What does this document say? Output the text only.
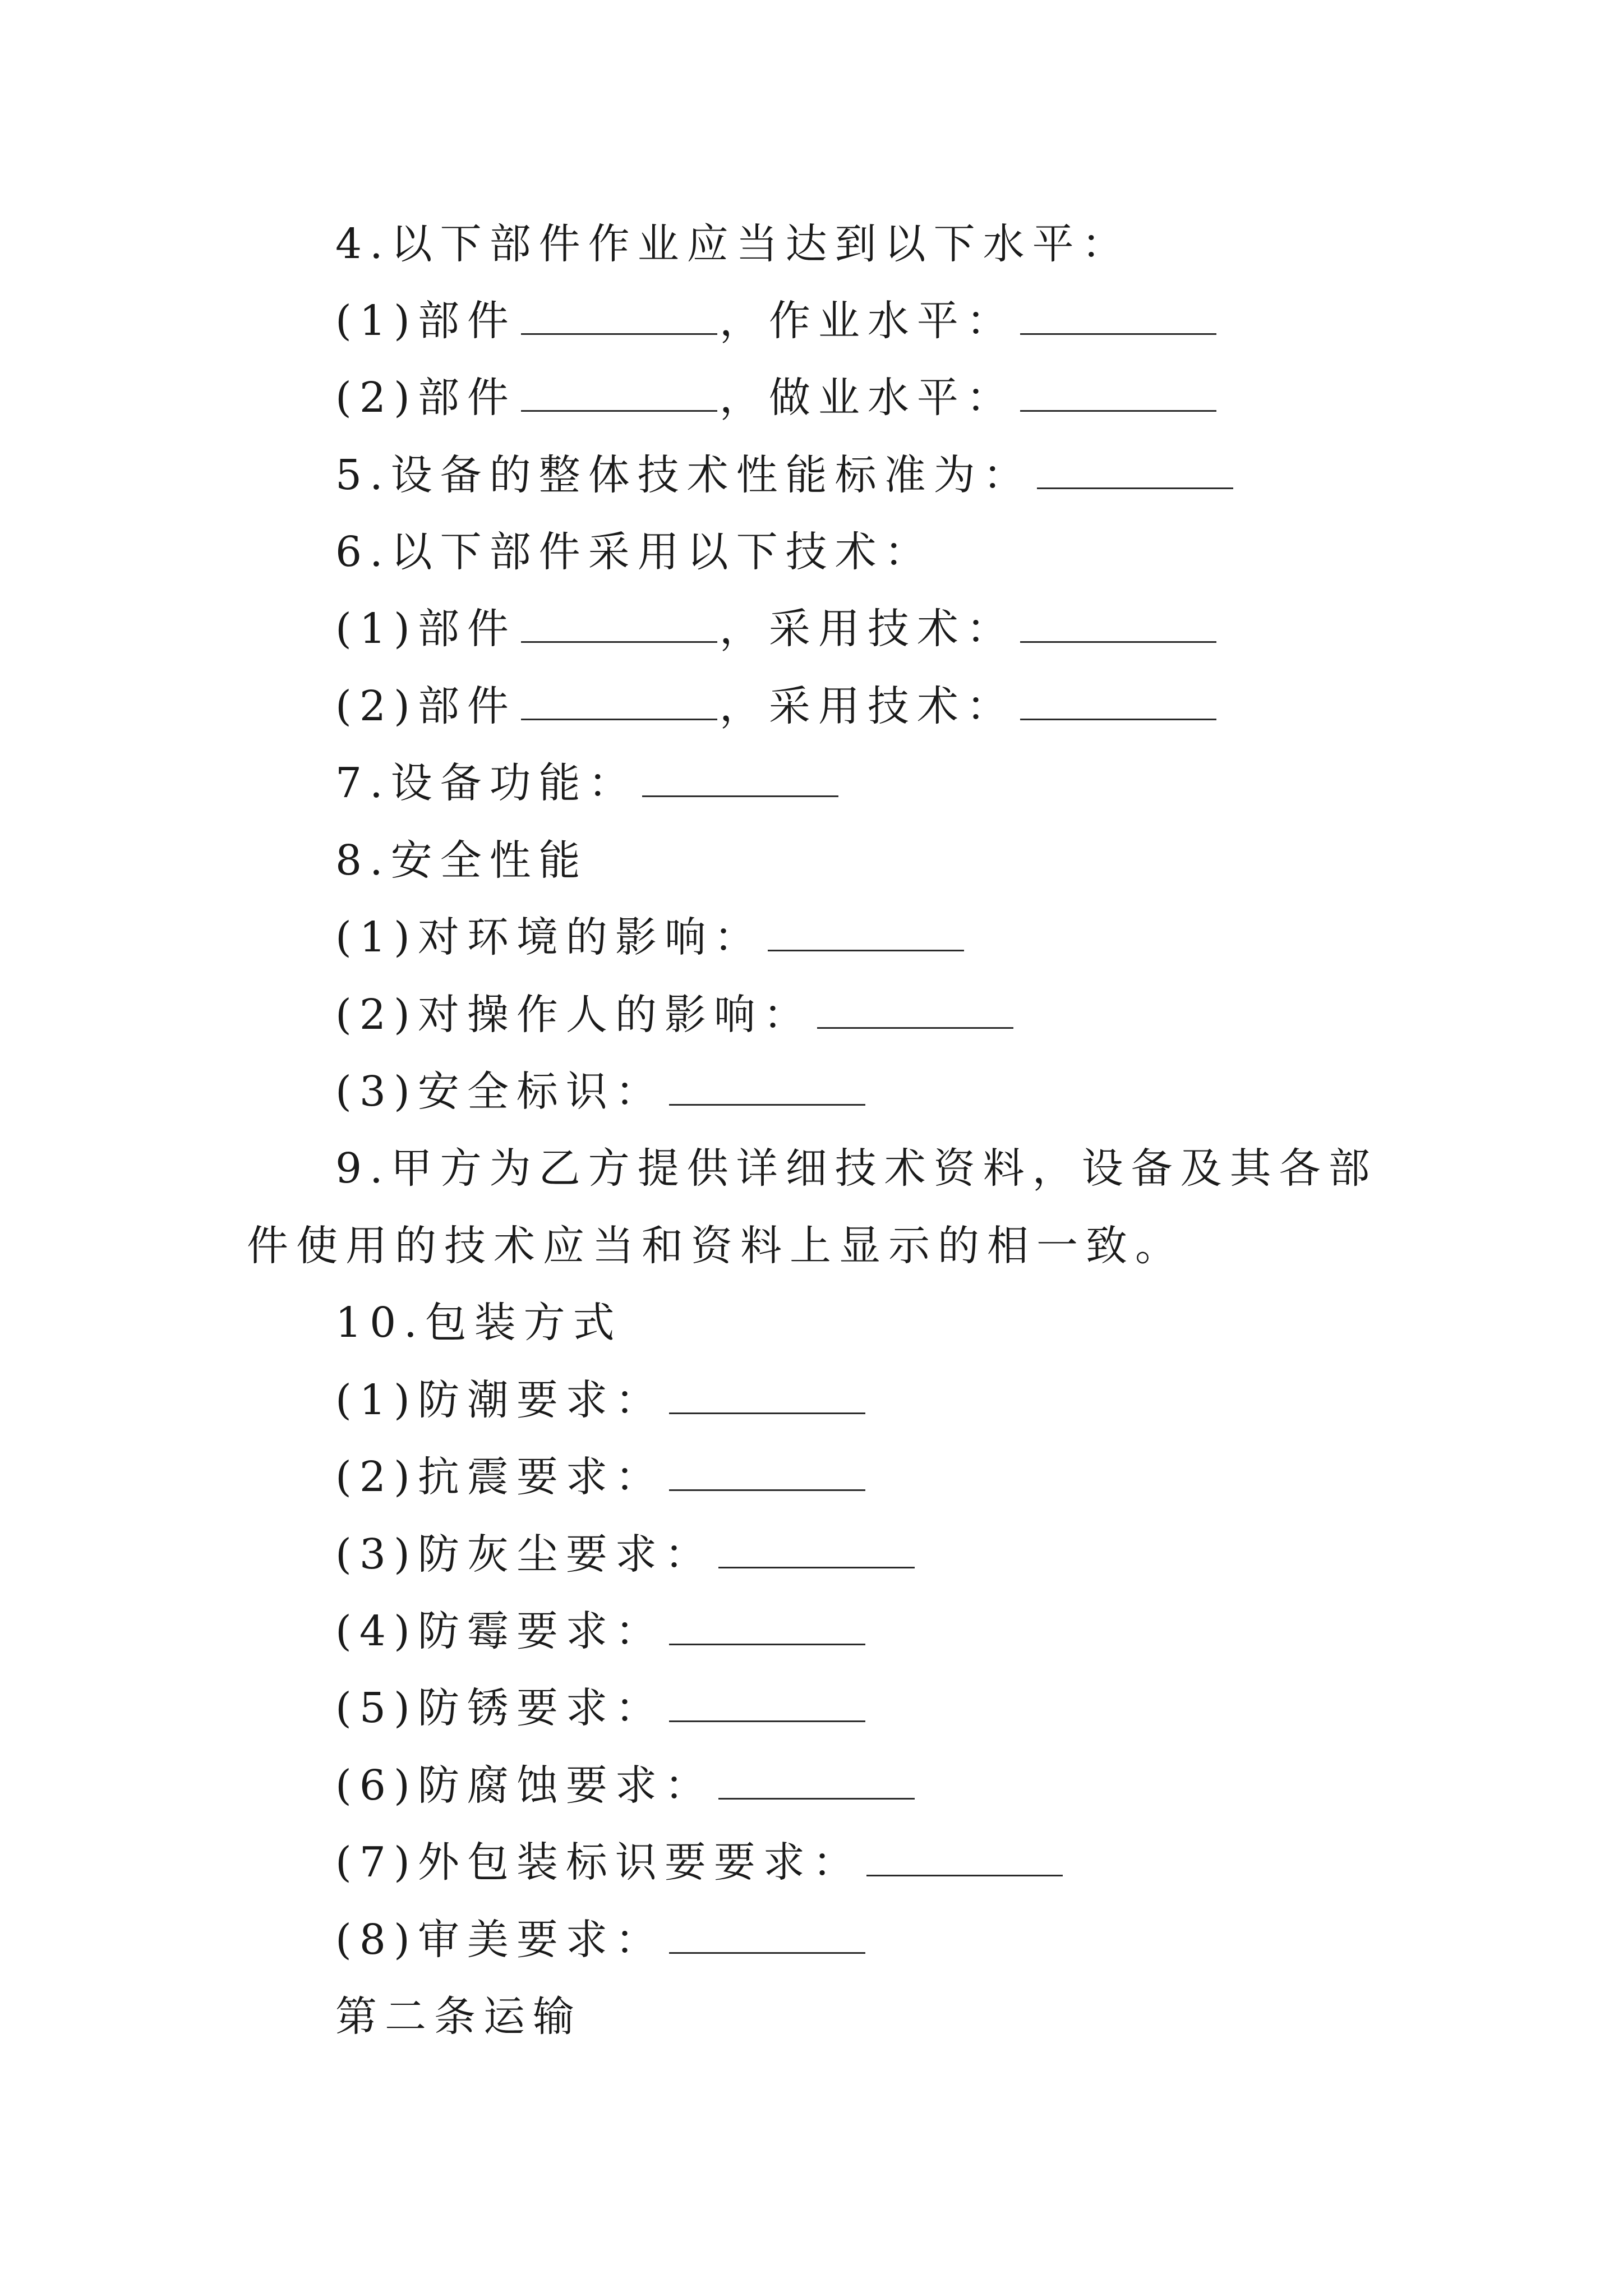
4.以下部件作业应当达到以下水平：
(1)部件	，作业水平：
(2)部件	，做业水平：
5.设备的整体技术性能标准为：
6.以下部件采用以下技术：
(1)部件	，采用技术：
(2)部件	，采用技术：
7.设备功能：
8.安全性能
(1)对环境的影响：
(2)对操作人的影响：
(3)安全标识：
9.甲方为乙方提供详细技术资料，设备及其各部件使用的技术应当和资料上显示的相一致。
10.包装方式
(1)防潮要求：
(2)抗震要求：
(3)防灰尘要求：
(4)防霉要求：
(5)防锈要求：
(6)防腐蚀要求：
(7)外包装标识要要求：
(8)审美要求：
第二条运输
